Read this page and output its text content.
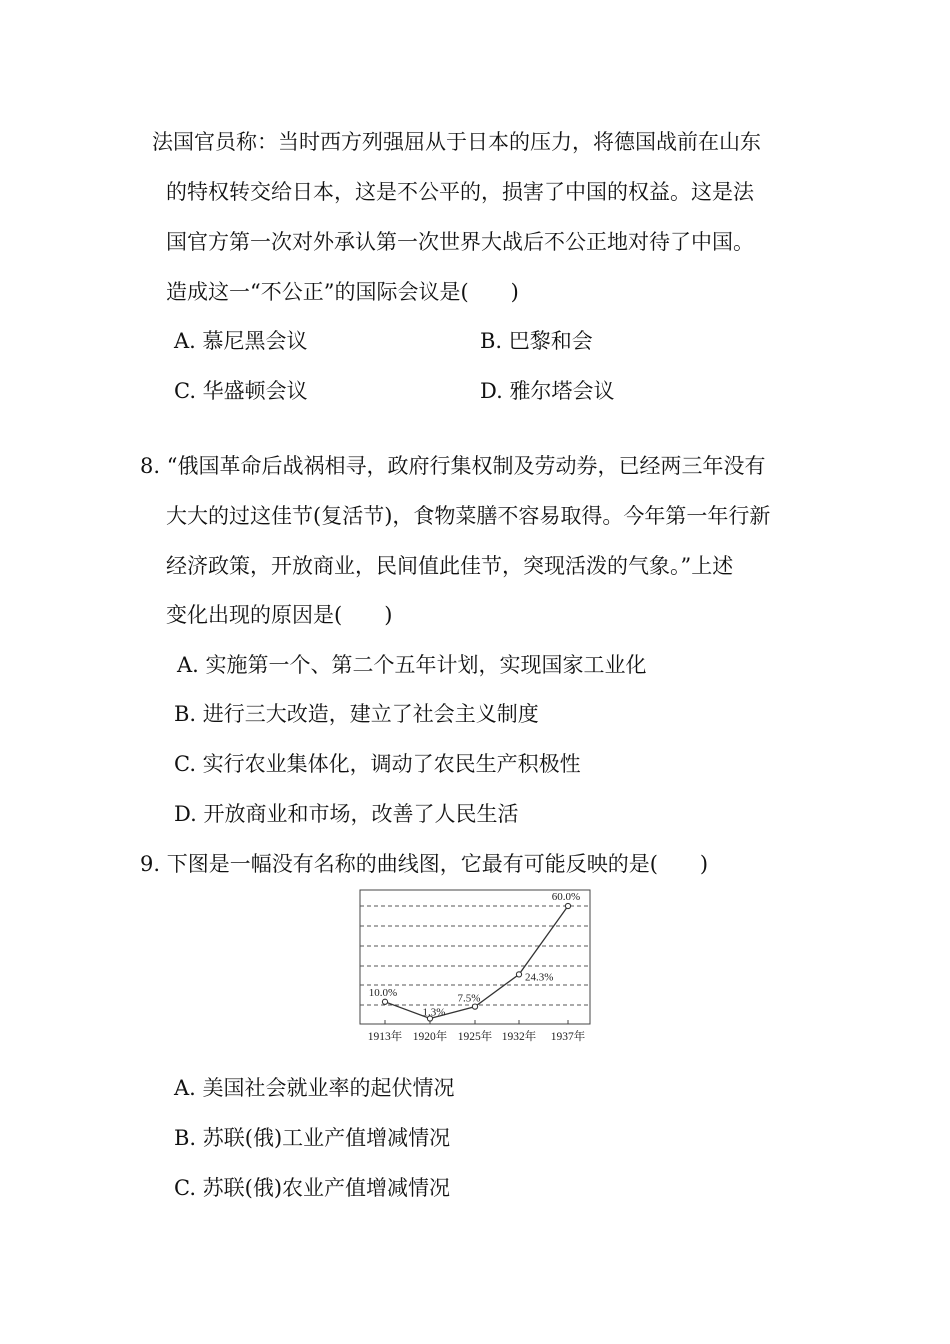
法国官员称：当时西方列强屈从于日本的压力，将德国战前在山东
的特权转交给日本，这是不公平的，损害了中国的权益。这是法
国官方第一次对外承认第一次世界大战后不公正地对待了中国。
造成这一“不公正”的国际会议是(　　)
A. 慕尼黑会议	B. 巴黎和会
C. 华盛顿会议	D. 雅尔塔会议
8. “俄国革命后战祸相寻，政府行集权制及劳动券，已经两三年没有
大大的过这佳节(复活节)，食物菜膳不容易取得。今年第一年行新
经济政策，开放商业，民间值此佳节，突现活泼的气象。”上述
变化出现的原因是(　　)
A. 实施第一个、第二个五年计划，实现国家工业化
B. 进行三大改造，建立了社会主义制度
C. 实行农业集体化，调动了农民生产积极性
D. 开放商业和市场，改善了人民生活
9. 下图是一幅没有名称的曲线图，它最有可能反映的是(　　)
10.0%
1.3%
7.5%
24.3%
60.0%
1913年 1920年 1925年 1932年 1937年
A. 美国社会就业率的起伏情况
B. 苏联(俄)工业产值增减情况
C. 苏联(俄)农业产值增减情况
